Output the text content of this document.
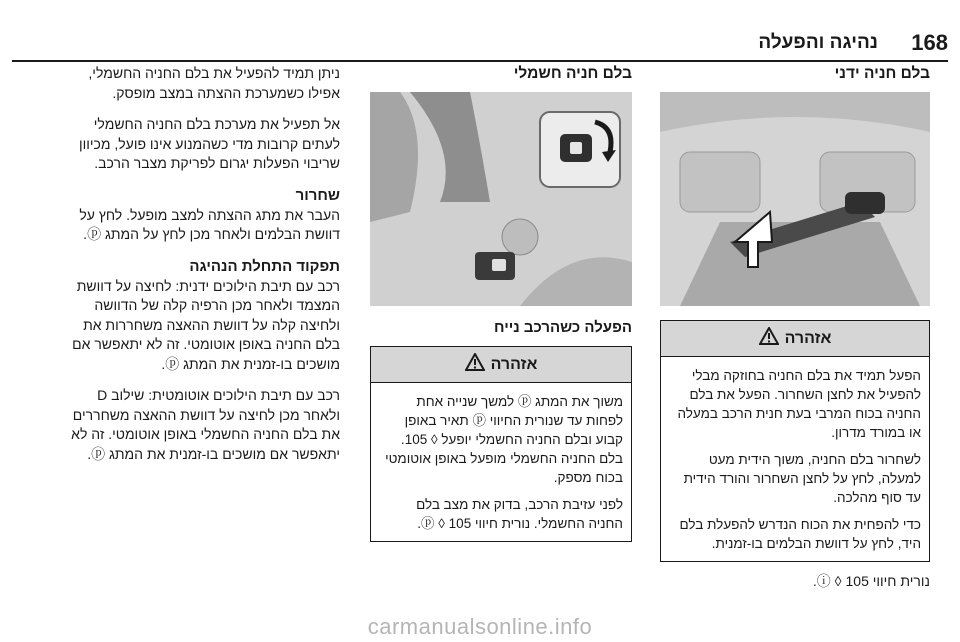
168
נהיגה והפעלה
בלם חניה ידני
אזהרה

הפעל תמיד את בלם החניה בחוזקה מבלי להפעיל את לחצן השחרור. הפעל את בלם החניה בכוח המרבי בעת חנית הרכב במעלה או במורד מדרון.

לשחרור בלם החניה, משוך הידית מעט למעלה, לחץ על לחצן השחרור והורד הידית עד סוף מהלכה.

כדי להפחית את הכוח הנדרש להפעלת בלם היד, לחץ על דוושת הבלמים בו-זמנית.

נורית חיווי ⓘ ◊ 105.

בלם חניה חשמלי
הפעלה כשהרכב נייח
אזהרה

משוך את המתג ⓟ למשך שנייה אחת לפחות עד שנורית החיווי ⓟ תאיר באופן קבוע ובלם החניה החשמלי יופעל ◊ 105. בלם החניה החשמלי מופעל באופן אוטומטי בכוח מספק.

לפני עזיבת הרכב, בדוק את מצב בלם החניה החשמלי. נורית חיווי ⓟ ◊ 105.

ניתן תמיד להפעיל את בלם החניה החשמלי, אפילו כשמערכת ההצתה במצב מופסק.

אל תפעיל את מערכת בלם החניה החשמלי לעתים קרובות מדי כשהמנוע אינו פועל, מכיוון שריבוי הפעלות יגרום לפריקת מצבר הרכב.

שחרור

העבר את מתג ההצתה למצב מופעל. לחץ על דוושת הבלמים ולאחר מכן לחץ על המתג ⓟ.

תפקוד התחלת הנהיגה

רכב עם תיבת הילוכים ידנית: לחיצה על דוושת המצמד ולאחר מכן הרפיה קלה של הדוושה ולחיצה קלה על דוושת ההאצה משחררות את בלם החניה באופן אוטומטי. זה לא יתאפשר אם מושכים בו-זמנית את המתג ⓟ.

רכב עם תיבת הילוכים אוטומטית: שילוב D ולאחר מכן לחיצה על דוושת ההאצה משחררים את בלם החניה החשמלי באופן אוטומטי. זה לא יתאפשר אם מושכים בו-זמנית את המתג ⓟ.

carmanualsonline.info
